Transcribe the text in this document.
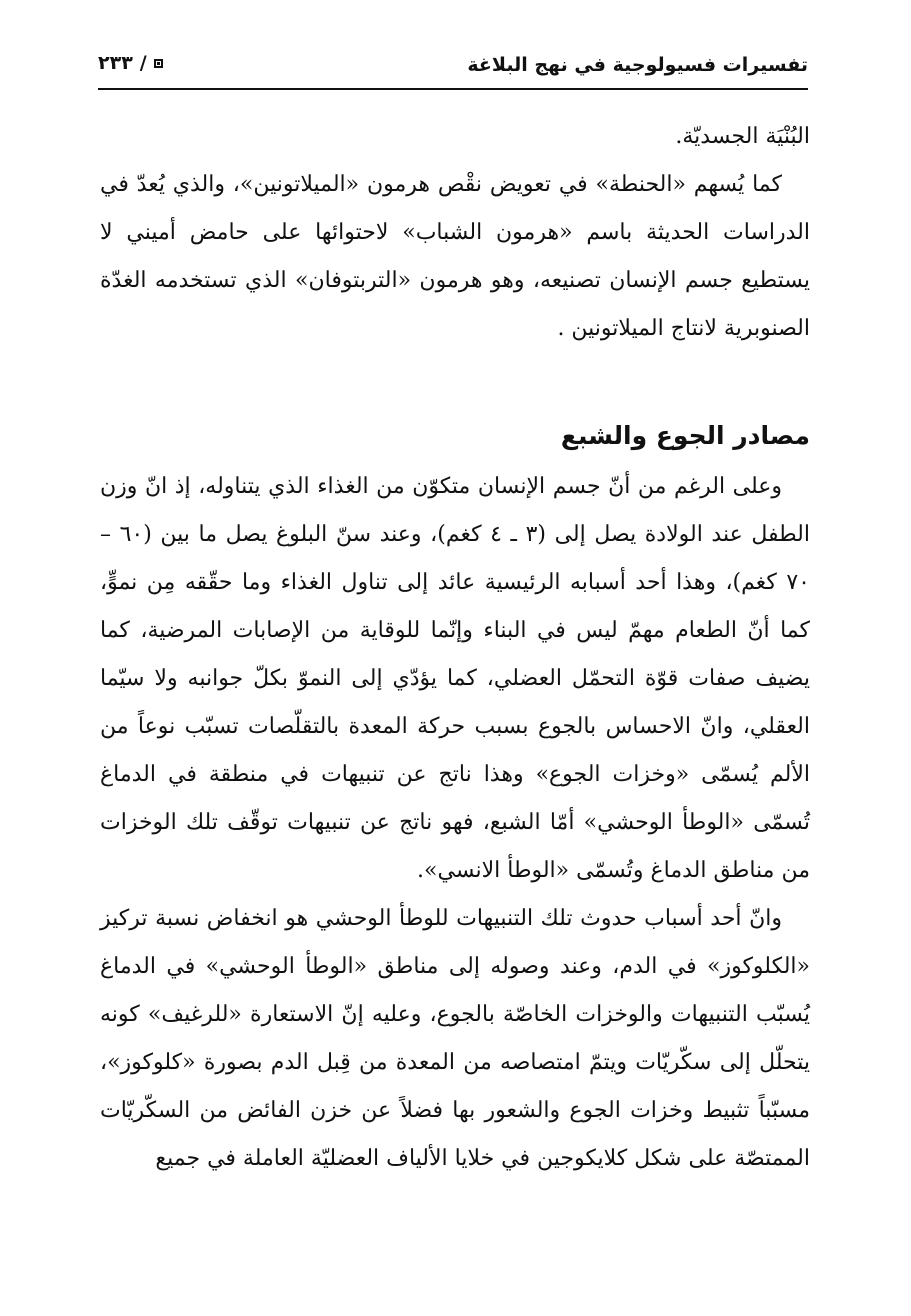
تفسيرات فسيولوجية في نهج البلاغة
٢٣٣ /

البُنْيَة الجسديّة.

كما يُسهم «الحنطة» في تعويض نقْص هرمون «الميلاتونين»، والذي يُعدّ في الدراسات الحديثة باسم «هرمون الشباب» لاحتوائها على حامض أميني لا يستطيع جسم الإنسان تصنيعه، وهو هرمون «التربتوفان» الذي تستخدمه الغدّة الصنوبرية لانتاج الميلاتونين .

مصادر الجوع والشبع

وعلى الرغم من أنّ جسم الإنسان متكوّن من الغذاء الذي يتناوله، إذ انّ وزن الطفل عند الولادة يصل إلى (٣ ـ ٤ كغم)، وعند سنّ البلوغ يصل ما بين (٦٠ – ٧٠ كغم)، وهذا أحد أسبابه الرئيسية عائد إلى تناول الغذاء وما حقّقه مِن نموٍّ، كما أنّ الطعام مهمّ ليس في البناء وإنّما للوقاية من الإصابات المرضية، كما يضيف صفات قوّة التحمّل العضلي، كما يؤدّي إلى النموّ بكلّ جوانبه ولا سيّما العقلي، وانّ الاحساس بالجوع بسبب حركة المعدة بالتقلّصات تسبّب نوعاً من الألم يُسمّى «وخزات الجوع» وهذا ناتج عن تنبيهات في منطقة في الدماغ تُسمّى «الوطأ الوحشي» أمّا الشبع، فهو ناتج عن تنبيهات توقّف تلك الوخزات من مناطق الدماغ وتُسمّى «الوطأ الانسي».

وانّ أحد أسباب حدوث تلك التنبيهات للوطأ الوحشي هو انخفاض نسبة تركيز «الكلوكوز» في الدم، وعند وصوله إلى مناطق «الوطأ الوحشي» في الدماغ يُسبّب التنبيهات والوخزات الخاصّة بالجوع، وعليه إنّ الاستعارة «للرغيف» كونه يتحلّل إلى سكّريّات ويتمّ امتصاصه من المعدة من قِبل الدم بصورة «كلوكوز»، مسبّباً تثبيط وخزات الجوع والشعور بها فضلاً عن خزن الفائض من السكّريّات الممتصّة على شكل كلايكوجين في خلايا الألياف العضليّة العاملة في جميع
